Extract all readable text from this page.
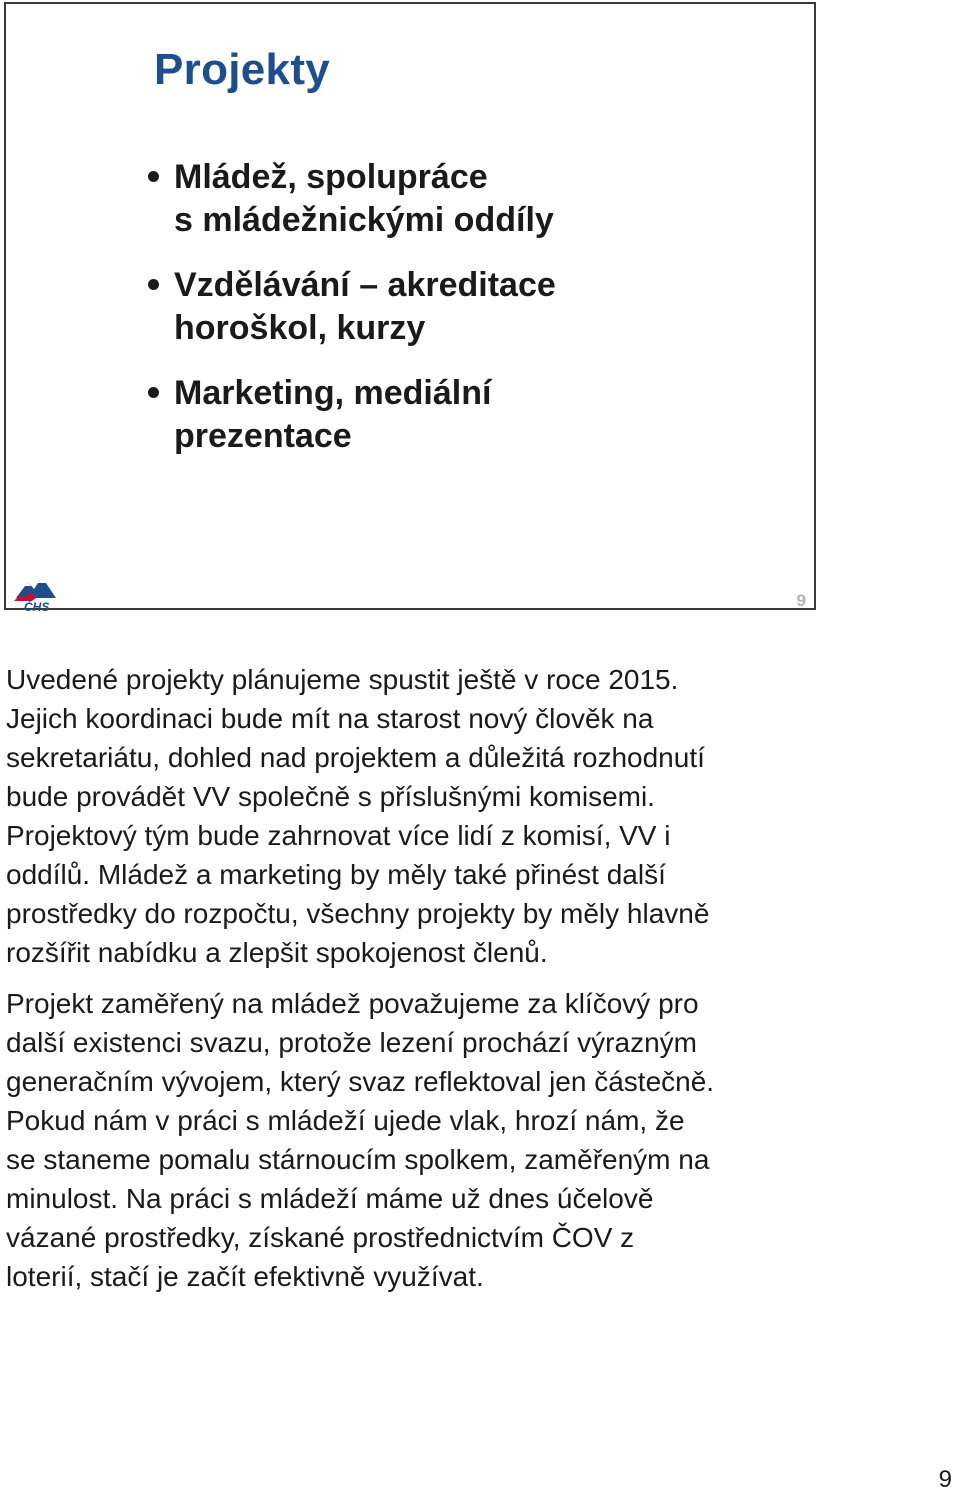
Projekty
Mládež, spolupráce
s mládežnickými oddíly
Vzdělávání – akreditace
horoškol, kurzy
Marketing, mediální
prezentace
ČHS	9

Uvedené projekty plánujeme spustit ještě v roce 2015.
Jejich koordinaci bude mít na starost nový člověk na
sekretariátu, dohled nad projektem a důležitá rozhodnutí
bude provádět VV společně s příslušnými komisemi.
Projektový tým bude zahrnovat více lidí z komisí, VV i
oddílů. Mládež a marketing by měly také přinést další
prostředky do rozpočtu, všechny projekty by měly hlavně
rozšířit nabídku a zlepšit spokojenost členů.

Projekt zaměřený na mládež považujeme za klíčový pro
další existenci svazu, protože lezení prochází výrazným
generačním vývojem, který svaz reflektoval jen částečně.
Pokud nám v práci s mládeží ujede vlak, hrozí nám, že
se staneme pomalu stárnoucím spolkem, zaměřeným na
minulost. Na práci s mládeží máme už dnes účelově
vázané prostředky, získané prostřednictvím ČOV z
loterií, stačí je začít efektivně využívat.

9
